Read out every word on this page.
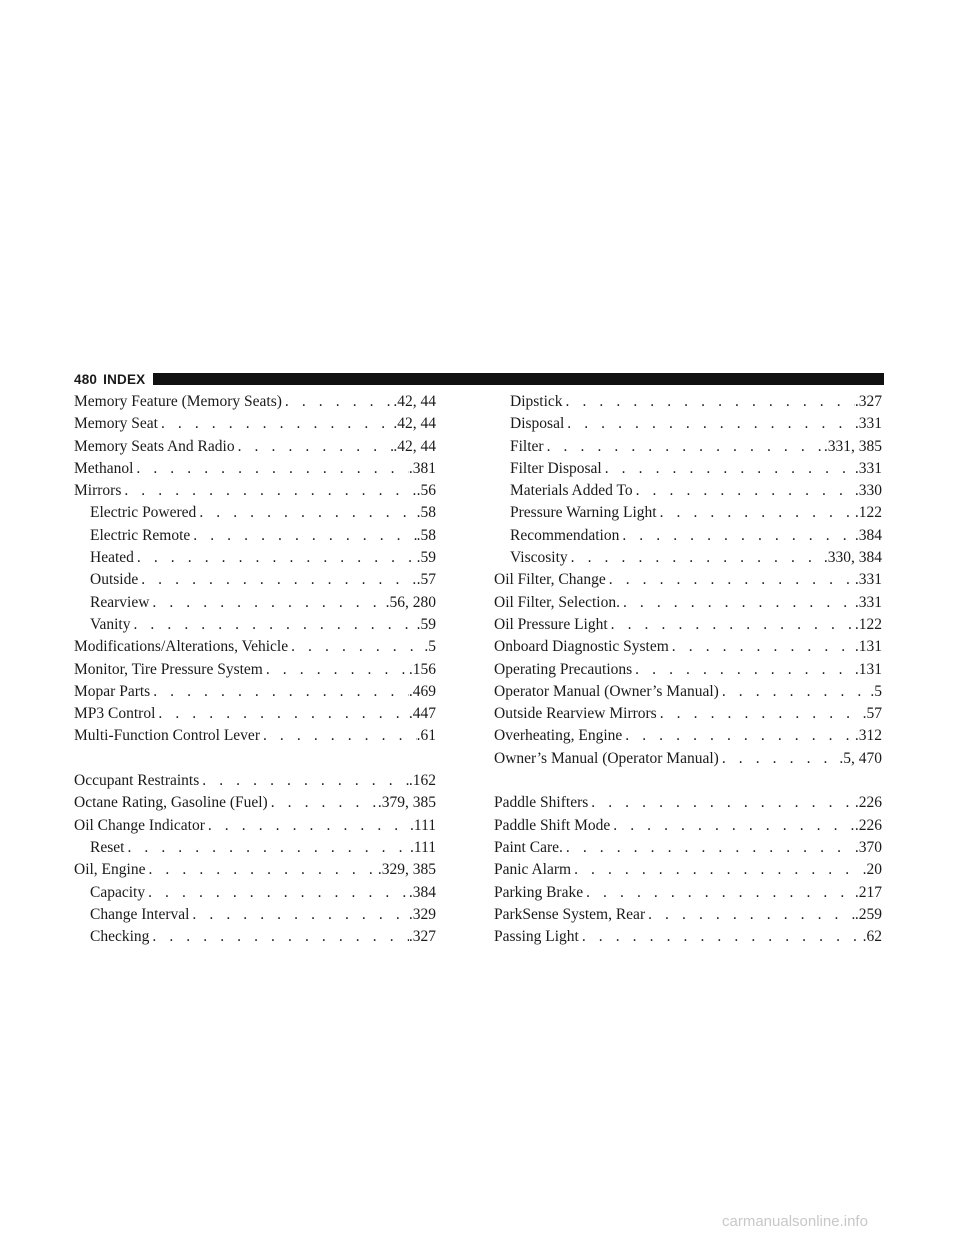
480 INDEX
Memory Feature (Memory Seats) . . .	.42, 44
Memory Seat . . .	.42, 44
Memory Seats And Radio . . .	.42, 44
Methanol . . .	.381
Mirrors . . .	.56
Electric Powered . . .	.58
Electric Remote . . .	.58
Heated . . .	.59
Outside . . .	.57
Rearview . . .	.56, 280
Vanity . . .	.59
Modifications/Alterations, Vehicle . . .	.5
Monitor, Tire Pressure System . . .	.156
Mopar Parts . . .	.469
MP3 Control . . .	.447
Multi-Function Control Lever . . .	.61
Occupant Restraints . . .	.162
Octane Rating, Gasoline (Fuel) . . .	.379, 385
Oil Change Indicator . . .	.111
Reset . . .	.111
Oil, Engine . . .	.329, 385
Capacity . . .	.384
Change Interval . . .	.329
Checking . . .	.327
Dipstick . . .	.327
Disposal . . .	.331
Filter . . .	.331, 385
Filter Disposal . . .	.331
Materials Added To . . .	.330
Pressure Warning Light . . .	.122
Recommendation . . .	.384
Viscosity . . .	.330, 384
Oil Filter, Change . . .	.331
Oil Filter, Selection. . . .	.331
Oil Pressure Light . . .	.122
Onboard Diagnostic System . . .	.131
Operating Precautions . . .	.131
Operator Manual (Owner’s Manual) . . .	.5
Outside Rearview Mirrors . . .	.57
Overheating, Engine . . .	.312
Owner’s Manual (Operator Manual) . . .	.5, 470
Paddle Shifters . . .	.226
Paddle Shift Mode . . .	.226
Paint Care. . . .	.370
Panic Alarm . . .	.20
Parking Brake . . .	.217
ParkSense System, Rear . . .	.259
Passing Light . . .	.62
carmanualsonline.info
